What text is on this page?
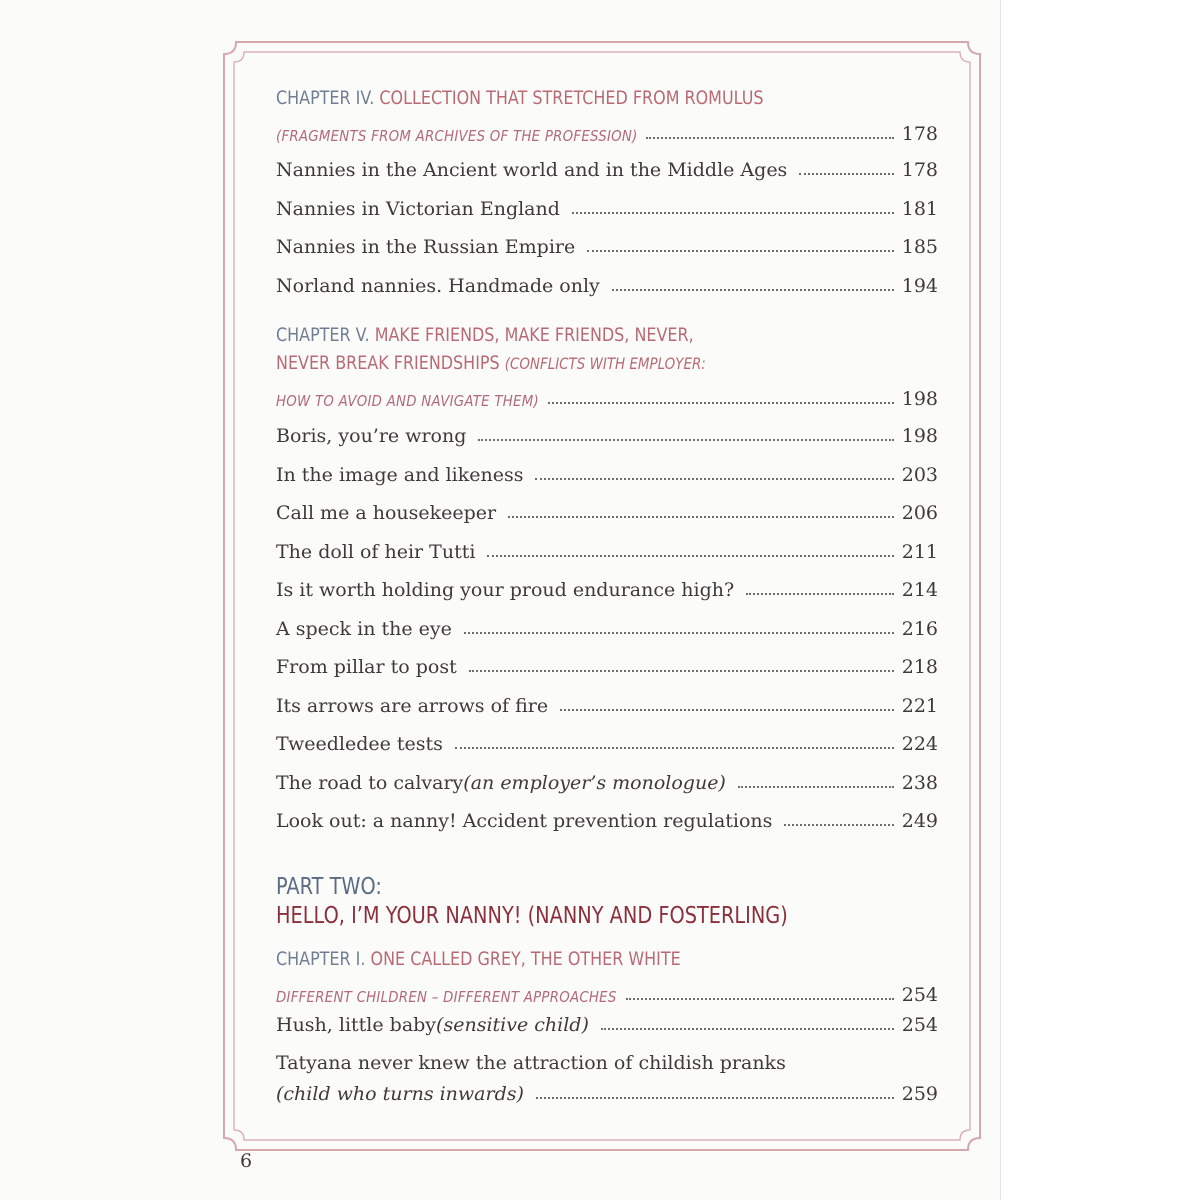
CHAPTER IV. COLLECTION THAT STRETCHED FROM ROMULUS
(FRAGMENTS FROM ARCHIVES OF THE PROFESSION)	178
Nannies in the Ancient world and in the Middle Ages	178
Nannies in Victorian England	181
Nannies in the Russian Empire	185
Norland nannies. Handmade only	194
CHAPTER V. MAKE FRIENDS, MAKE FRIENDS, NEVER,
NEVER BREAK FRIENDSHIPS (CONFLICTS WITH EMPLOYER:
HOW TO AVOID AND NAVIGATE THEM)	198
Boris, you’re wrong	198
In the image and likeness	203
Call me a housekeeper	206
The doll of heir Tutti	211
Is it worth holding your proud endurance high?	214
A speck in the eye	216
From pillar to post	218
Its arrows are arrows of fire	221
Tweedledee tests	224
The road to calvary (an employer’s monologue)	238
Look out: a nanny! Accident prevention regulations	249
PART TWO:
HELLO, I’M YOUR NANNY! (NANNY AND FOSTERLING)
CHAPTER I. ONE CALLED GREY, THE OTHER WHITE
DIFFERENT CHILDREN – DIFFERENT APPROACHES	254
Hush, little baby (sensitive child)	254
Tatyana never knew the attraction of childish pranks
(child who turns inwards)	259
6
